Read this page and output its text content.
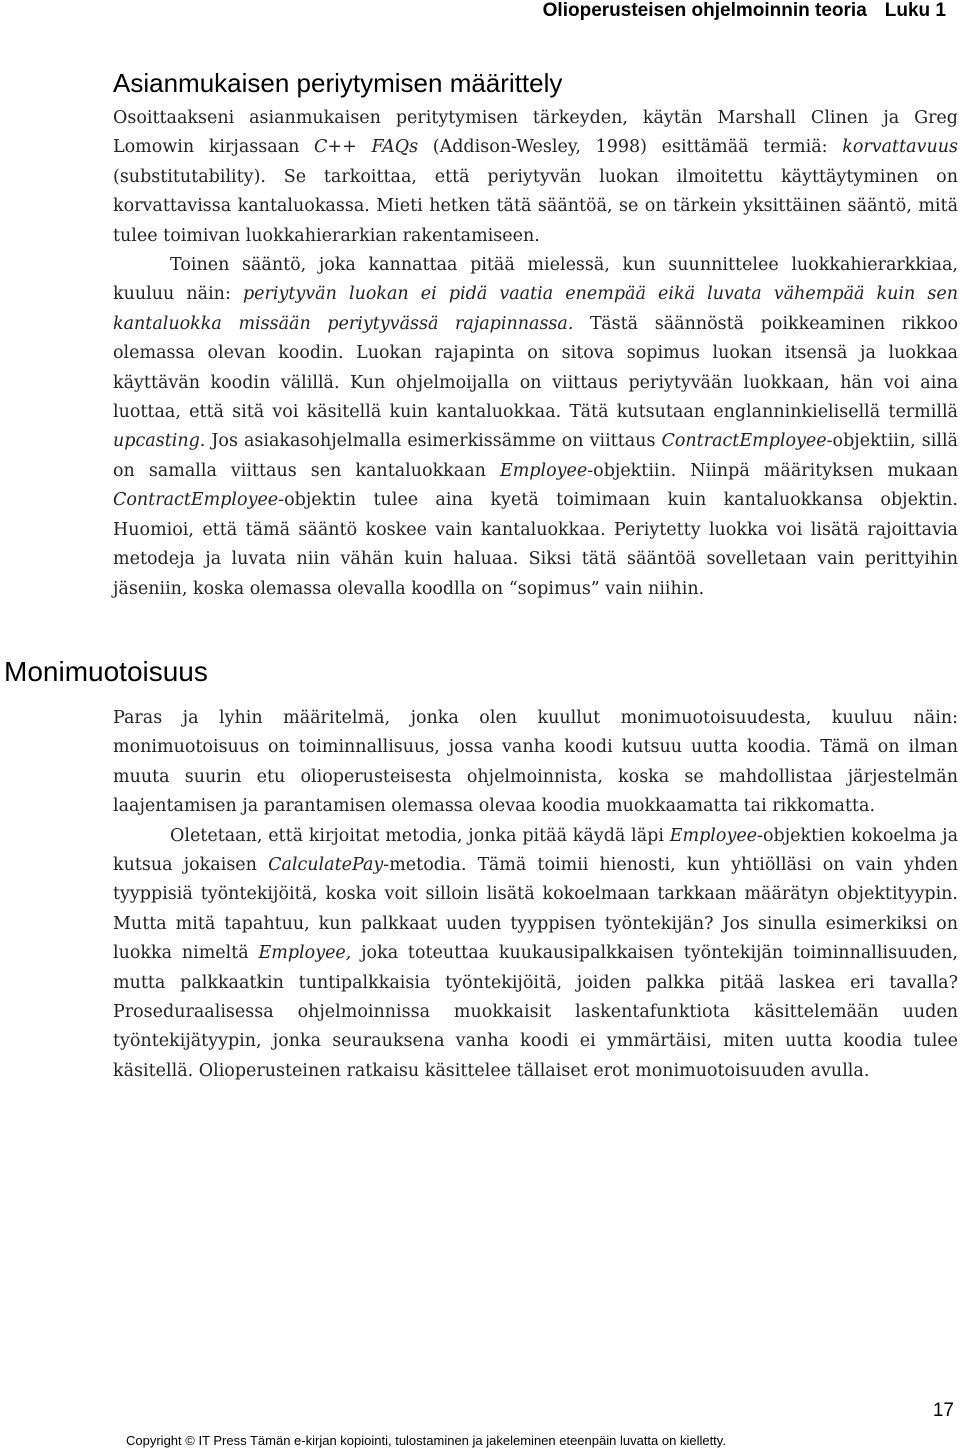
Olioperusteisen ohjelmoinnin teoria Luku 1
Asianmukaisen periytymisen määrittely

Osoittaakseni asianmukaisen peritytymisen tärkeyden, käytän Marshall Clinen ja Greg Lomowin kirjassaan C++ FAQs (Addison-Wesley, 1998) esittämää termiä: korvattavuus (substitutability). Se tarkoittaa, että periytyvän luokan ilmoitettu käyttäytyminen on korvattavissa kantaluokassa. Mieti hetken tätä sääntöä, se on tärkein yksittäinen sääntö, mitä tulee toimivan luokkahierarkian rakentamiseen.

Toinen sääntö, joka kannattaa pitää mielessä, kun suunnittelee luokkahierarkkiaa, kuuluu näin: periytyvän luokan ei pidä vaatia enempää eikä luvata vähempää kuin sen kantaluokka missään periytyvässä rajapinnassa. Tästä säännöstä poikkeaminen rikkoo olemassa olevan koodin. Luokan rajapinta on sitova sopimus luokan itsensä ja luokkaa käyttävän koodin välillä. Kun ohjelmoijalla on viittaus periytyvään luokkaan, hän voi aina luottaa, että sitä voi käsitellä kuin kantaluokkaa. Tätä kutsutaan englanninkielisellä termillä upcasting. Jos asiakasohjelmalla esimerkissämme on viittaus ContractEmployee-objektiin, sillä on samalla viittaus sen kantaluokkaan Employee-objektiin. Niinpä määrityksen mukaan ContractEmployee-objektin tulee aina kyetä toimimaan kuin kantaluokkansa objektin. Huomioi, että tämä sääntö koskee vain kantaluokkaa. Periytetty luokka voi lisätä rajoittavia metodeja ja luvata niin vähän kuin haluaa. Siksi tätä sääntöä sovelletaan vain perittyihin jäseniin, koska olemassa olevalla koodlla on “sopimus” vain niihin.

Monimuotoisuus

Paras ja lyhin määritelmä, jonka olen kuullut monimuotoisuudesta, kuuluu näin: monimuotoisuus on toiminnallisuus, jossa vanha koodi kutsuu uutta koodia. Tämä on ilman muuta suurin etu olioperusteisesta ohjelmoinnista, koska se mahdollistaa järjestelmän laajentamisen ja parantamisen olemassa olevaa koodia muokkaamatta tai rikkomatta.

Oletetaan, että kirjoitat metodia, jonka pitää käydä läpi Employee-objektien kokoelma ja kutsua jokaisen CalculatePay-metodia. Tämä toimii hienosti, kun yhtiölläsi on vain yhden tyyppisiä työntekijöitä, koska voit silloin lisätä kokoelmaan tarkkaan määrätyn objektityypin. Mutta mitä tapahtuu, kun palkkaat uuden tyyppisen työntekijän? Jos sinulla esimerkiksi on luokka nimeltä Employee, joka toteuttaa kuukausipalkkaisen työntekijän toiminnallisuuden, mutta palkkaatkin tuntipalkkaisia työntekijöitä, joiden palkka pitää laskea eri tavalla? Proseduraalisessa ohjelmoinnissa muokkaisit laskentafunktiota käsittelemään uuden työntekijätyypin, jonka seurauksena vanha koodi ei ymmärtäisi, miten uutta koodia tulee käsitellä. Olioperusteinen ratkaisu käsittelee tällaiset erot monimuotoisuuden avulla.

17
Copyright © IT Press Tämän e-kirjan kopiointi, tulostaminen ja jakeleminen eteenpäin luvatta on kielletty.
